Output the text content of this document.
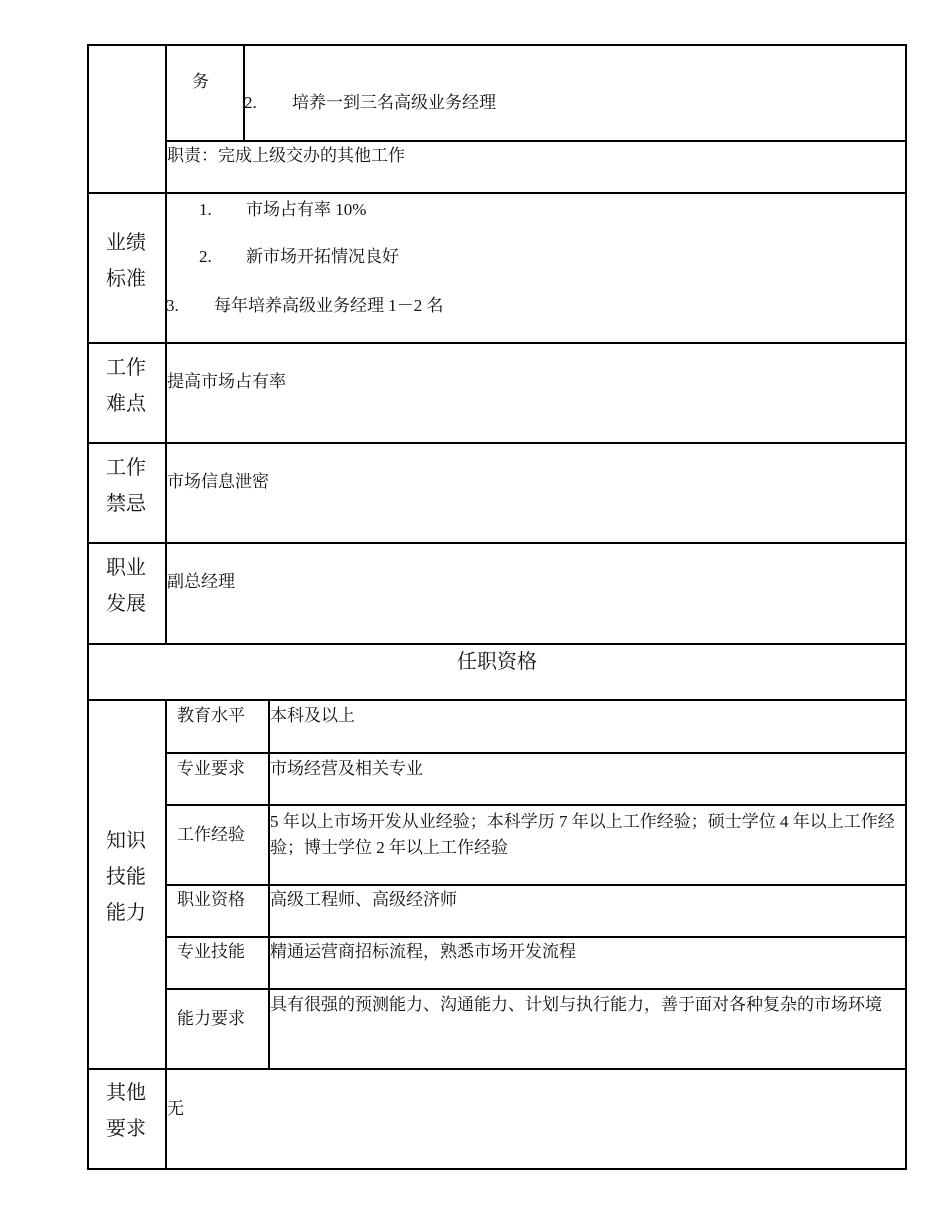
务
2. 培养一到三名高级业务经理
职责：完成上级交办的其他工作
业绩
标准
1. 市场占有率 10%
2. 新市场开拓情况良好
3. 每年培养高级业务经理 1－2 名
工作
难点
提高市场占有率
工作
禁忌
市场信息泄密
职业
发展
副总经理
任职资格
知识
技能
能力
教育水平 本科及以上
专业要求 市场经营及相关专业
工作经验
5 年以上市场开发从业经验；本科学历 7 年以上工作经验；硕士学位 4 年以上工作经验；博士学位 2 年以上工作经验
职业资格 高级工程师、高级经济师
专业技能 精通运营商招标流程，熟悉市场开发流程
能力要求
具有很强的预测能力、沟通能力、计划与执行能力，善于面对各种复杂的市场环境
其他
要求
无
